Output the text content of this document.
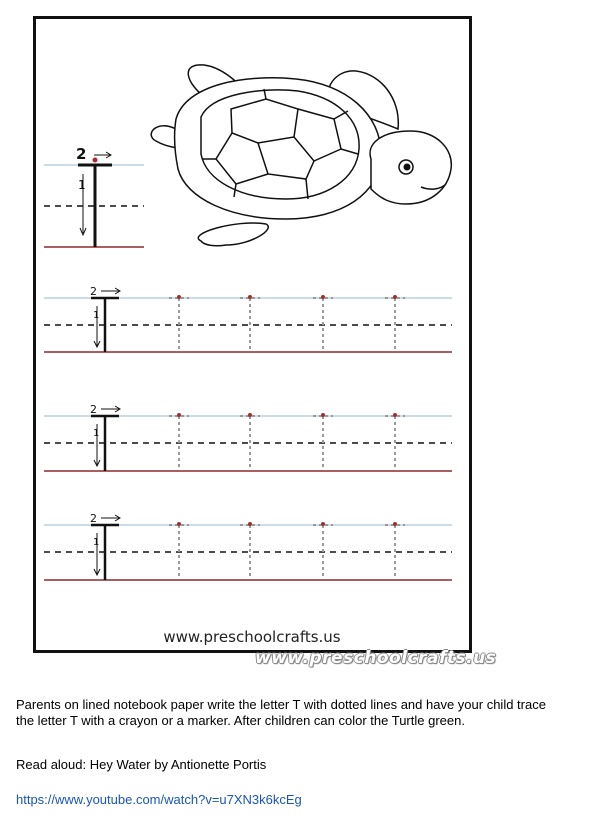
2
1
2
1
2
1
2
1
www.preschoolcrafts.us
www.preschoolcrafts.us
Parents on lined notebook paper write the letter T with dotted lines and have your child trace the letter T with a crayon or a marker. After children can color the Turtle green.
Read aloud: Hey Water by Antionette Portis
https://www.youtube.com/watch?v=u7XN3k6kcEg
